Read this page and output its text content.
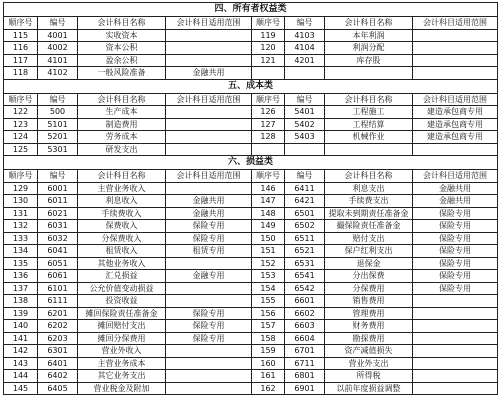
四、所有者权益类							
顺序号	编号	会计科目名称	会计科目适用范围	顺序号	编号	会计科目名称	会计科目适用范围
115	4001	实收资本		119	4103	本年利润	
116	4002	资本公积		120	4104	利润分配	
117	4101	盈余公积		121	4201	库存股	
118	4102	一般风险准备	金融共用				
五、成本类							
顺序号	编号	会计科目名称	会计科目适用范围	顺序号	编号	会计科目名称	会计科目适用范围
122	500	生产成本		126	5401	工程施工	建造承包商专用
123	5101	制造费用		127	5402	工程结算	建造承包商专用
124	5201	劳务成本		128	5403	机械作业	建造承包商专用
125	5301	研发支出					
六、损益类							
顺序号	编号	会计科目名称	会计科目适用范围	顺序号	编号	会计科目名称	会计科目适用范围
129	6001	主营业务收入		146	6411	利息支出	金融共用
130	6011	利息收入	金融共用	147	6421	手续费支出	金融共用
131	6021	手续费收入	金融共用	148	6501	提取未到期责任准备金	保险专用
132	6031	保费收入	保险专用	149	6502	撮保险责任准备金	保险专用
133	6032	分保费收入	保险专用	150	6511	赔付支出	保险专用
134	6041	租赁收入	租赁专用	151	6521	保户红利支出	保险专用
135	6051	其他业务收入		152	6531	退保金	保险专用
136	6061	汇兑损益	金融专用	153	6541	分出保费	保险专用
137	6101	公允价值变动损益		154	6542	分保费用	保险专用
138	6111	投资收益		155	6601	销售费用	
139	6201	摊回保险责任准备金	保险专用	156	6602	管理费用	
140	6202	摊回赔付支出	保险专用	157	6603	财务费用	
141	6203	摊回分保费用	保险专用	158	6604	勘探费用	
142	6301	营业外收入		159	6701	资产减值损失	
143	6401	主营业务成本		160	6711	营业外支出	
144	6402	其它业务支出		161	6801	所得税	
145	6405	营业税金及附加		162	6901	以前年度损益调整	
